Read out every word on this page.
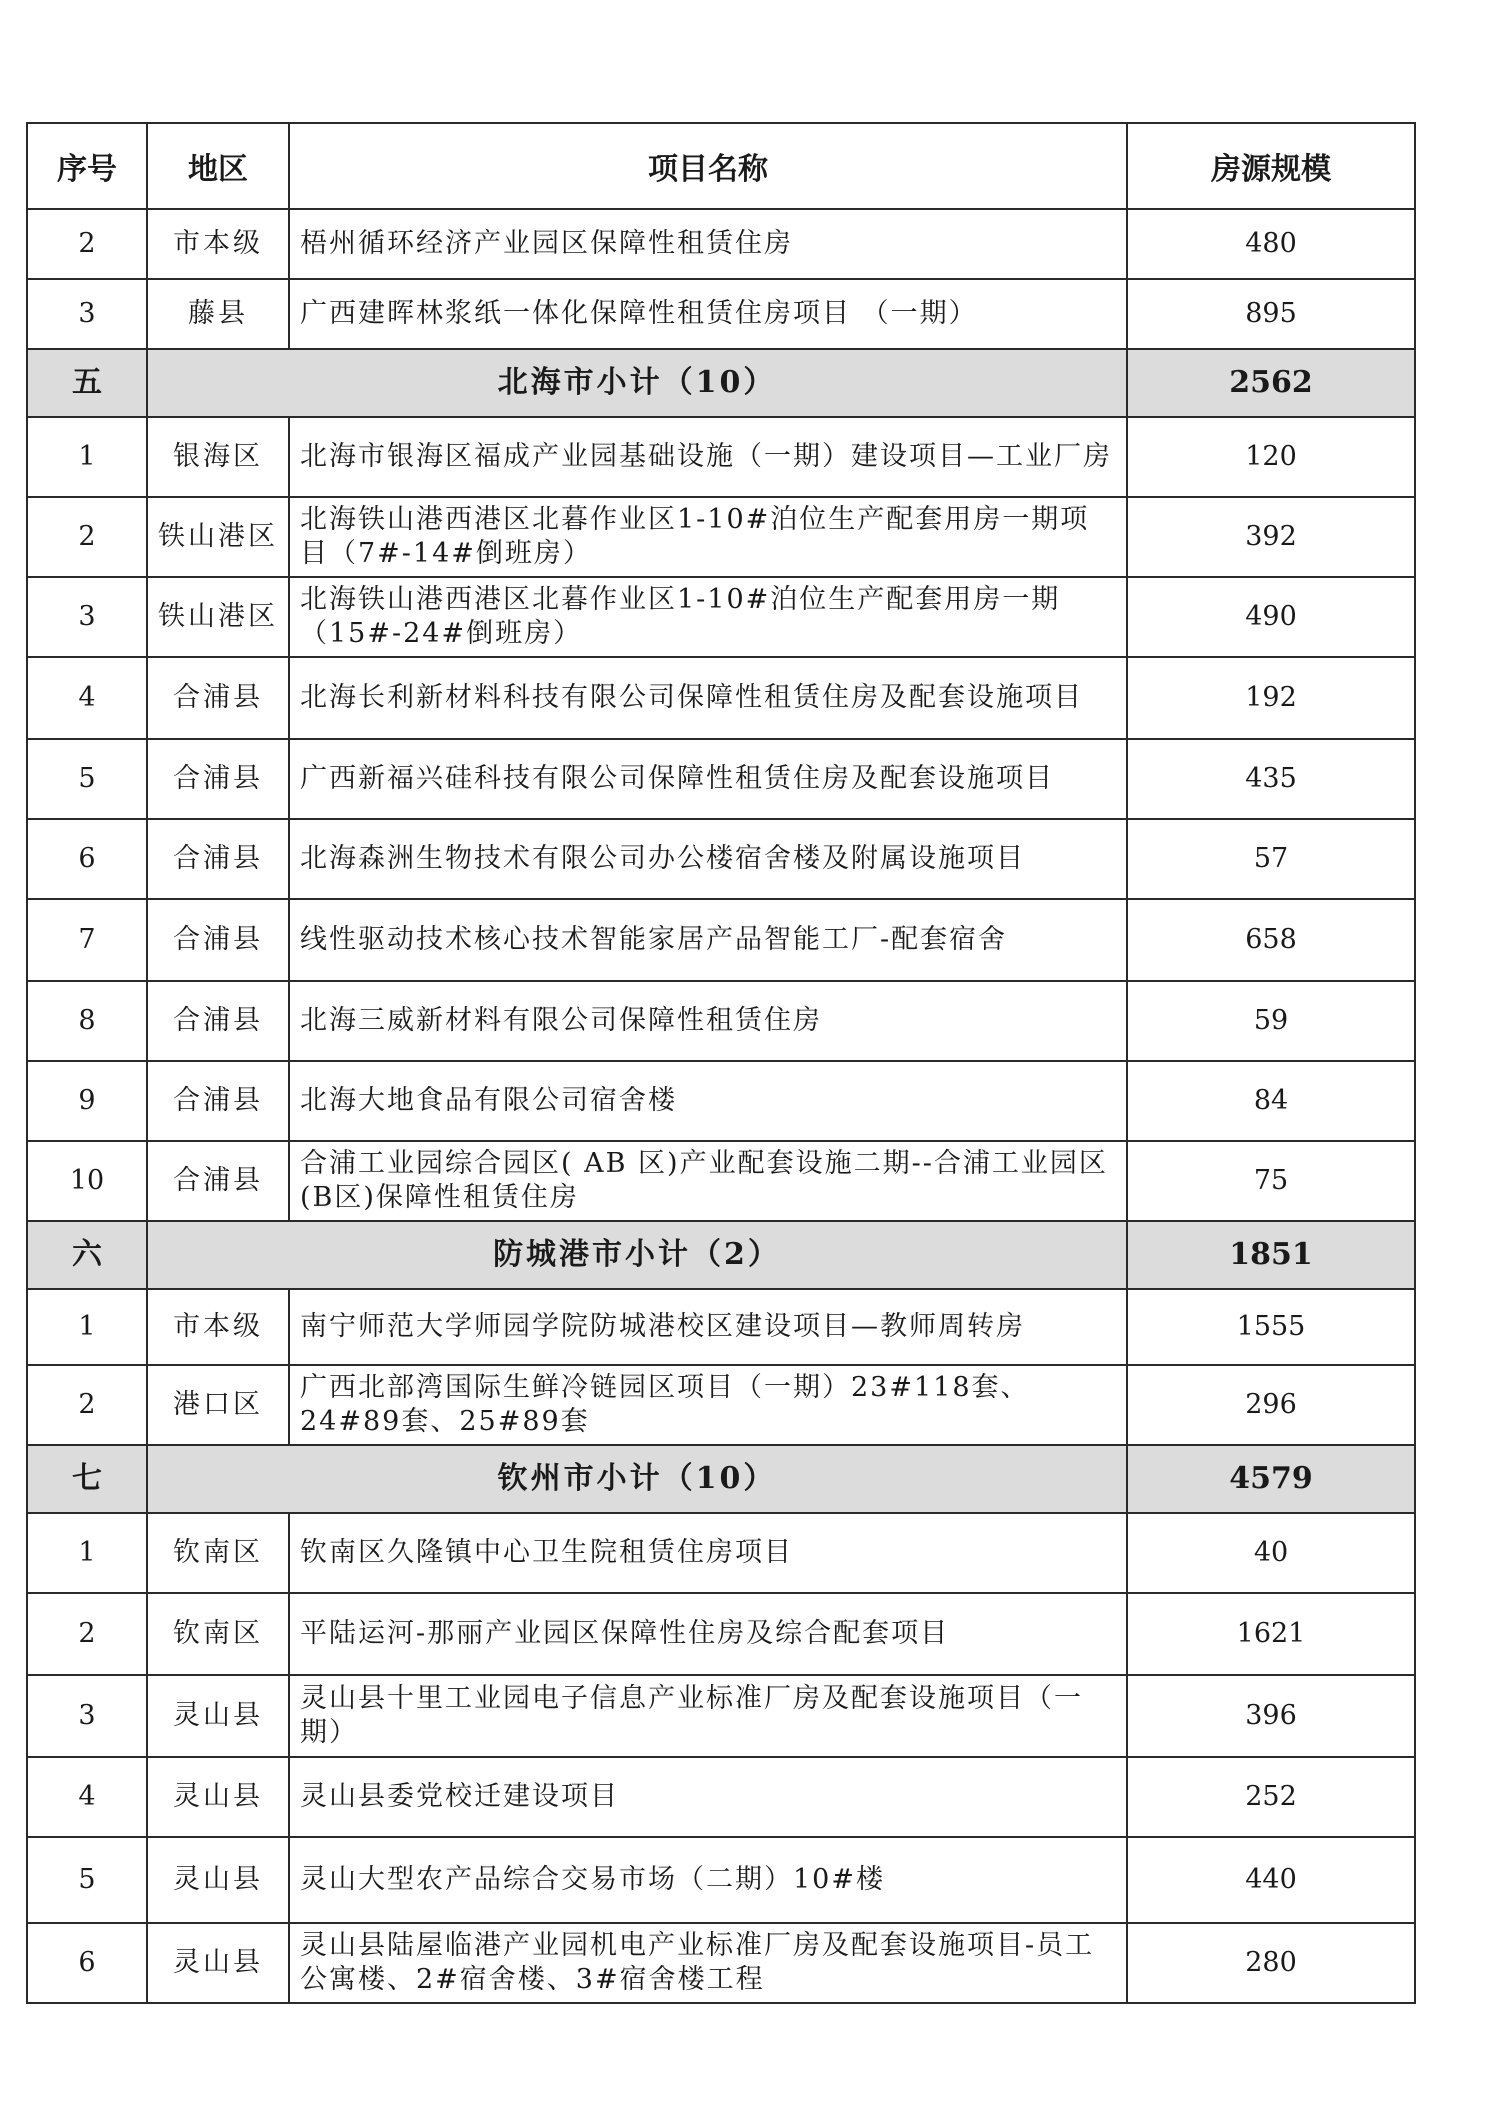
序号	地区	项目名称	房源规模
2	市本级	梧州循环经济产业园区保障性租赁住房	480
3	藤县	广西建晖林浆纸一体化保障性租赁住房项目 （一期）	895
五	北海市小计（10）		2562
1	银海区	北海市银海区福成产业园基础设施（一期）建设项目—工业厂房	120
2	铁山港区	北海铁山港西港区北暮作业区1-10#泊位生产配套用房一期项目（7#-14#倒班房）	392
3	铁山港区	北海铁山港西港区北暮作业区1-10#泊位生产配套用房一期（15#-24#倒班房）	490
4	合浦县	北海长利新材料科技有限公司保障性租赁住房及配套设施项目	192
5	合浦县	广西新福兴硅科技有限公司保障性租赁住房及配套设施项目	435
6	合浦县	北海森洲生物技术有限公司办公楼宿舍楼及附属设施项目	57
7	合浦县	线性驱动技术核心技术智能家居产品智能工厂-配套宿舍	658
8	合浦县	北海三威新材料有限公司保障性租赁住房	59
9	合浦县	北海大地食品有限公司宿舍楼	84
10	合浦县	合浦工业园综合园区( AB 区)产业配套设施二期--合浦工业园区(B区)保障性租赁住房	75
六	防城港市小计（2）		1851
1	市本级	南宁师范大学师园学院防城港校区建设项目—教师周转房	1555
2	港口区	广西北部湾国际生鲜冷链园区项目（一期）23#118套、24#89套、25#89套	296
七	钦州市小计（10）		4579
1	钦南区	钦南区久隆镇中心卫生院租赁住房项目	40
2	钦南区	平陆运河-那丽产业园区保障性住房及综合配套项目	1621
3	灵山县	灵山县十里工业园电子信息产业标准厂房及配套设施项目（一期）	396
4	灵山县	灵山县委党校迁建设项目	252
5	灵山县	灵山大型农产品综合交易市场（二期）10#楼	440
6	灵山县	灵山县陆屋临港产业园机电产业标准厂房及配套设施项目-员工公寓楼、2#宿舍楼、3#宿舍楼工程	280
